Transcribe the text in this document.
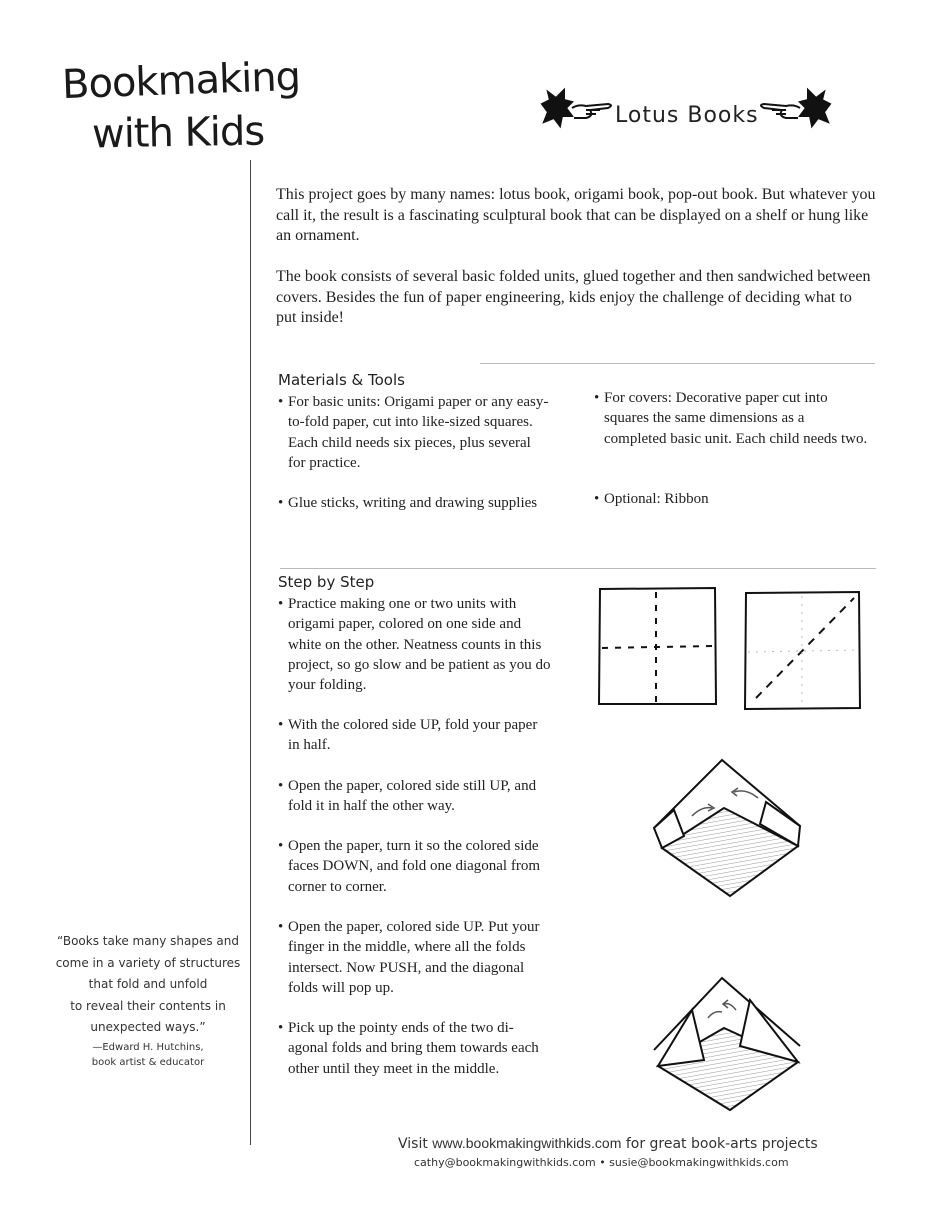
Bookmaking
with Kids	Lotus Books
This project goes by many names: lotus book, origami book, pop-out book. But whatever you call it, the result is a fascinating sculptural book that can be displayed on a shelf or hung like an ornament.
The book consists of several basic folded units, glued together and then sandwiched between covers. Besides the fun of paper engineering, kids enjoy the challenge of deciding what to put inside!
Materials & Tools
• For basic units: Origami paper or any easy-
to-fold paper, cut into like-sized squares.
Each child needs six pieces, plus several
for practice.
• Glue sticks, writing and drawing supplies
• For covers: Decorative paper cut into
squares the same dimensions as a
completed basic unit. Each child needs two.
• Optional: Ribbon
Step by Step
• Practice making one or two units with
origami paper, colored on one side and
white on the other. Neatness counts in this
project, so go slow and be patient as you do
your folding.
• With the colored side UP, fold your paper
in half.
• Open the paper, colored side still UP, and
fold it in half the other way.
• Open the paper, turn it so the colored side
faces DOWN, and fold one diagonal from
corner to corner.
• Open the paper, colored side UP. Put your
finger in the middle, where all the folds
intersect. Now PUSH, and the diagonal
folds will pop up.
• Pick up the pointy ends of the two di-
agonal folds and bring them towards each
other until they meet in the middle.
“Books take many shapes and
come in a variety of structures
that fold and unfold
to reveal their contents in
unexpected ways.”
—Edward H. Hutchins,
book artist & educator
Visit www.bookmakingwithkids.com for great book-arts projects
cathy@bookmakingwithkids.com • susie@bookmakingwithkids.com
